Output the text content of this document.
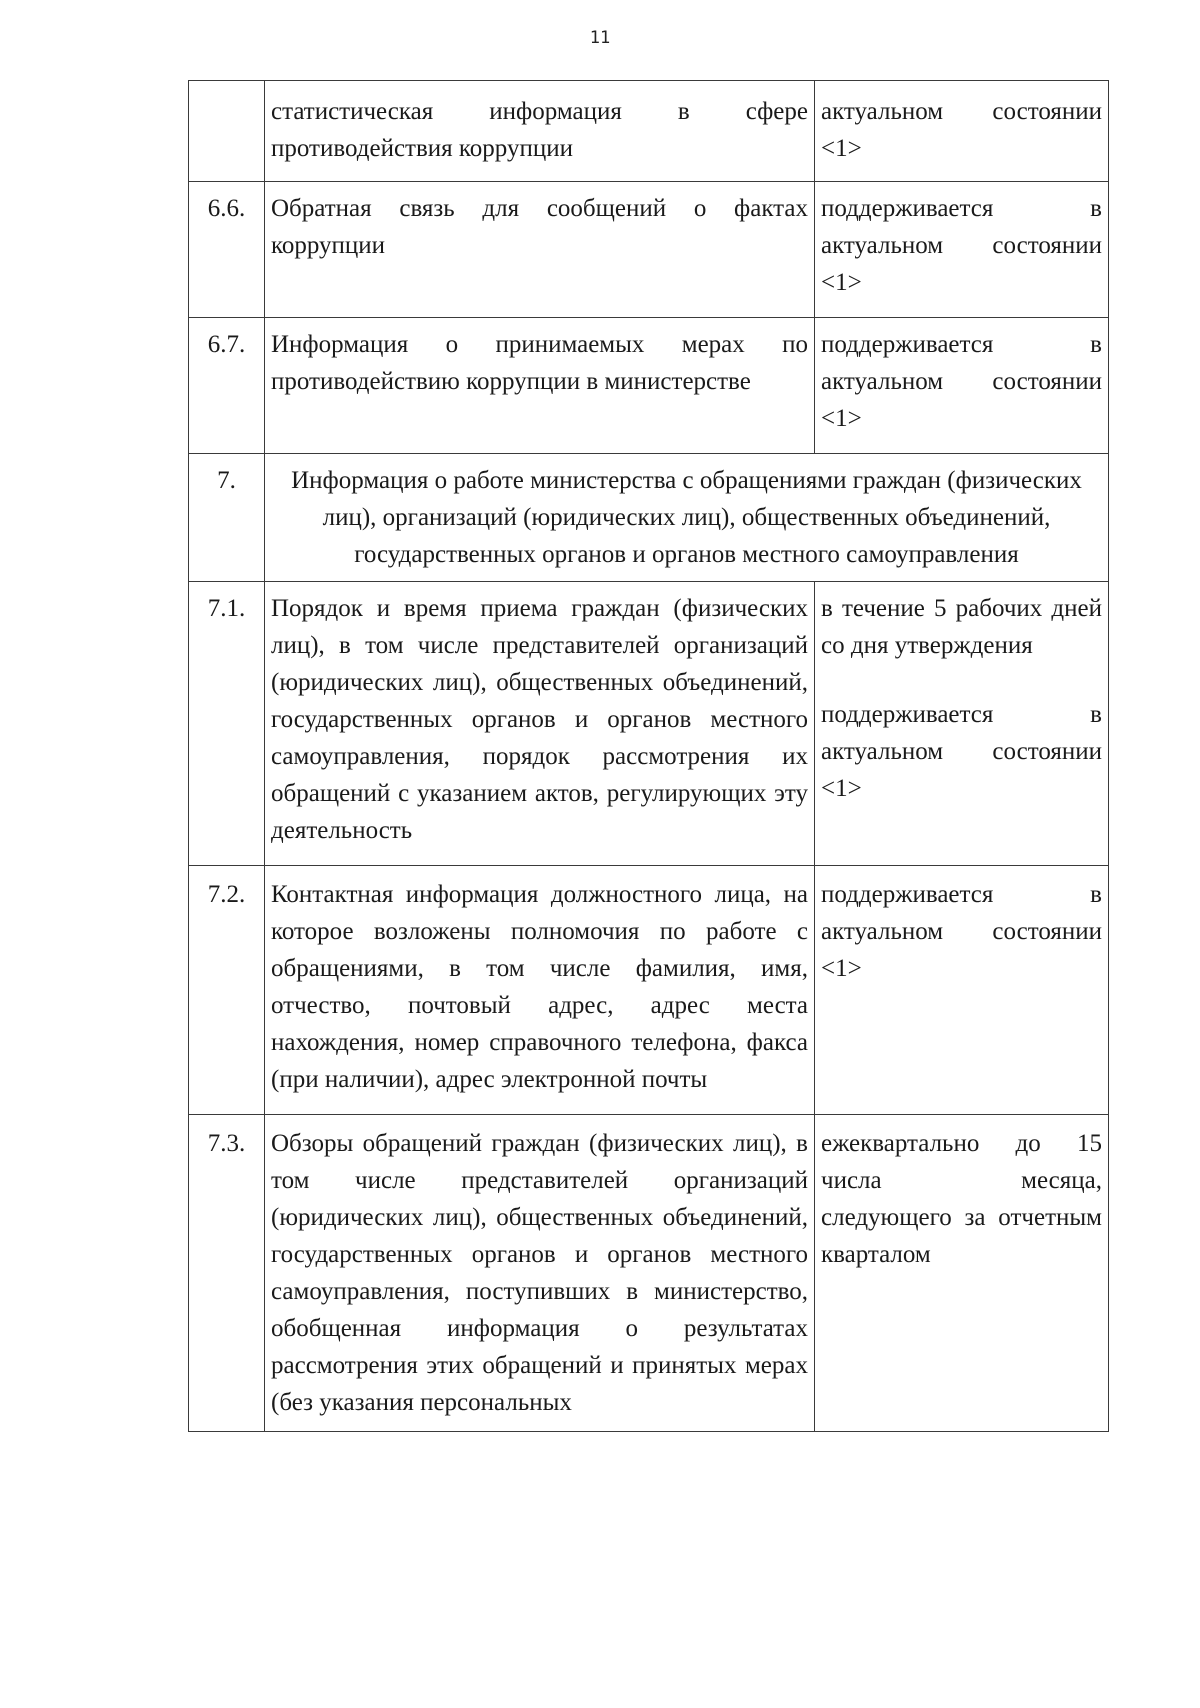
11
	статистическая информация в сфере противодействия коррупции	актуальном состоянии <1>

6.6.	Обратная связь для сообщений о фактах коррупции	поддерживается в актуальном состоянии <1>

6.7.	Информация о принимаемых мерах по противодействию коррупции в министерстве	поддерживается в актуальном состоянии <1>

7.	Информация о работе министерства с обращениями граждан (физических лиц), организаций (юридических лиц), общественных объединений, государственных органов и органов местного самоуправления	
7.1.	Порядок и время приема граждан (физических лиц), в том числе представителей организаций (юридических лиц), общественных объединений, государственных органов и органов местного самоуправления, порядок рассмотрения их обращений с указанием актов, регулирующих эту деятельность	в течение 5 рабочих дней со дня утверждения
поддерживается в актуальном состоянии <1>

7.2.	Контактная информация должностного лица, на которое возложены полномочия по работе с обращениями, в том числе фамилия, имя, отчество, почтовый адрес, адрес места нахождения, номер справочного телефона, факса (при наличии), адрес электронной почты	поддерживается в актуальном состоянии <1>

7.3.	Обзоры обращений граждан (физических лиц), в том числе представителей организаций (юридических лиц), общественных объединений, государственных органов и органов местного самоуправления, поступивших в министерство, обобщенная информация о результатах рассмотрения этих обращений и принятых мерах (без указания персональных	ежеквартально до 15 числа месяца, следующего за отчетным кварталом
